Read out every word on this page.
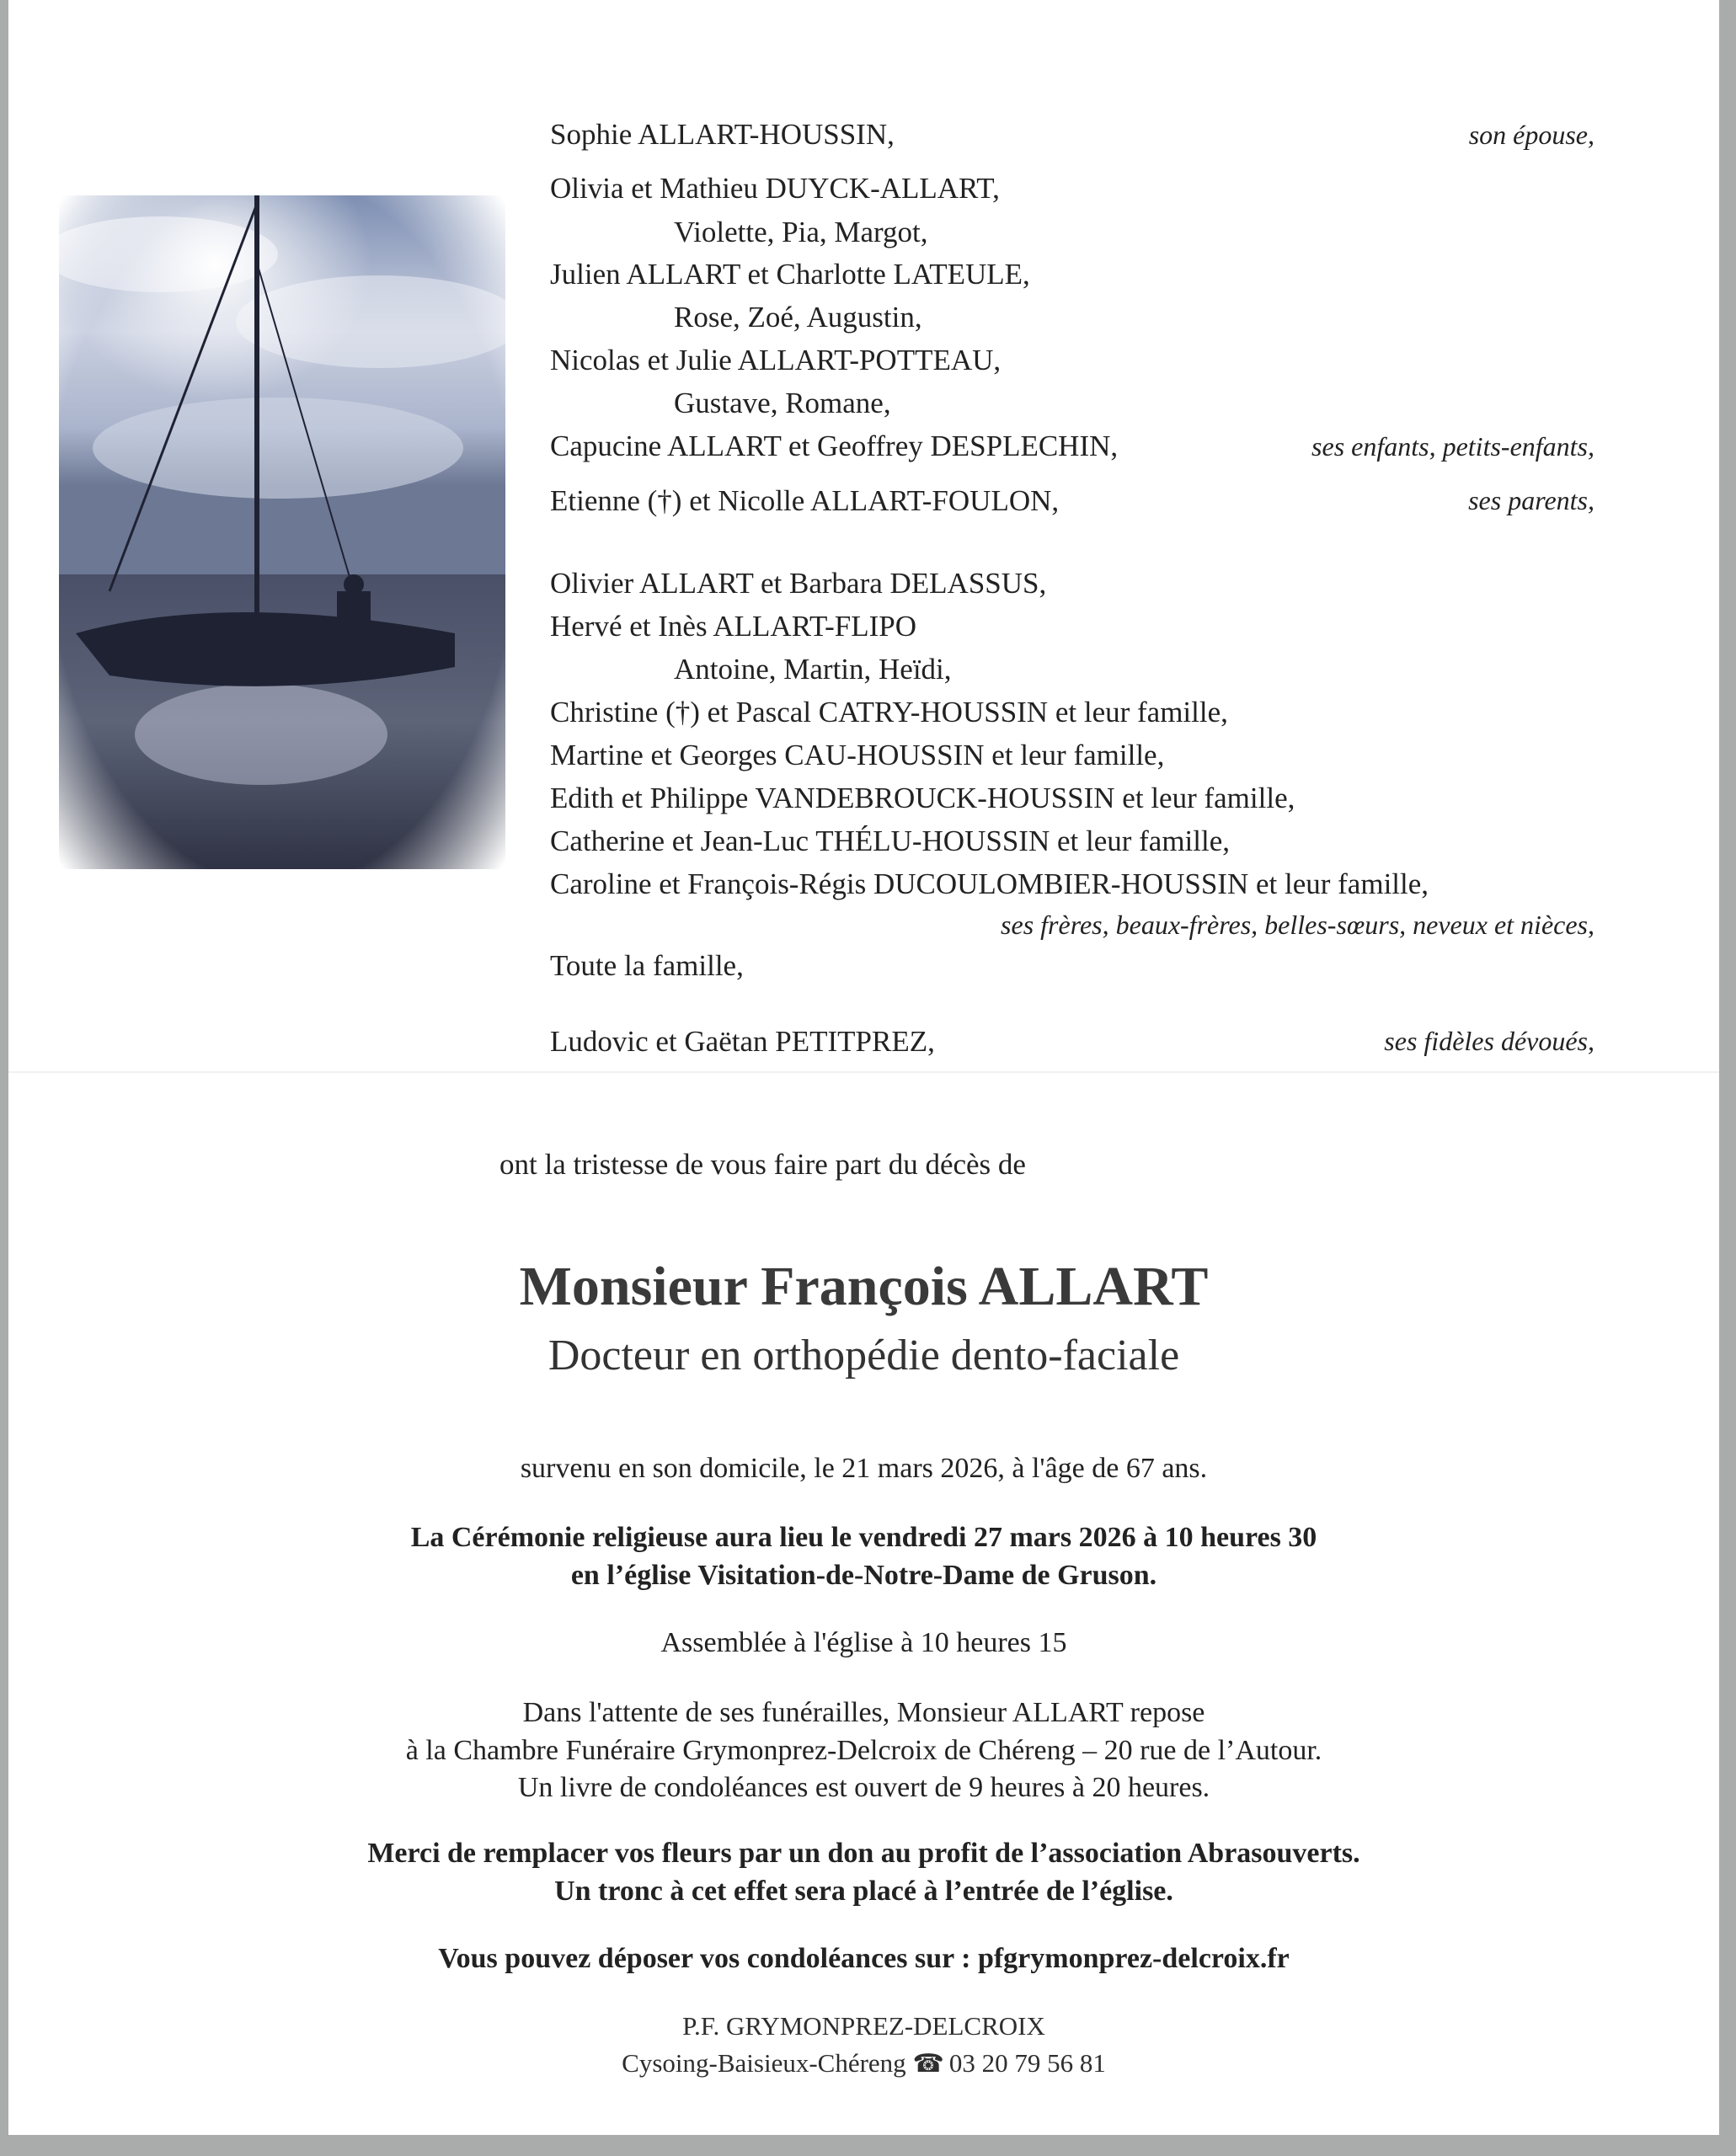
Sophie ALLART-HOUSSIN,	son épouse,
Olivia et Mathieu DUYCK-ALLART,
Violette, Pia, Margot,
Julien ALLART et Charlotte LATEULE,
Rose, Zoé, Augustin,
Nicolas et Julie ALLART-POTTEAU,
Gustave, Romane,
Capucine ALLART et Geoffrey DESPLECHIN,	ses enfants, petits-enfants,
Etienne (†) et Nicolle ALLART-FOULON,	ses parents,
Olivier ALLART et Barbara DELASSUS,
Hervé et Inès ALLART-FLIPO
Antoine, Martin, Heïdi,
Christine (†) et Pascal CATRY-HOUSSIN et leur famille,
Martine et Georges CAU-HOUSSIN et leur famille,
Edith et Philippe VANDEBROUCK-HOUSSIN et leur famille,
Catherine et Jean-Luc THÉLU-HOUSSIN et leur famille,
Caroline et François-Régis DUCOULOMBIER-HOUSSIN et leur famille,
ses frères, beaux-frères, belles-sœurs, neveux et nièces,
Toute la famille,
Ludovic et Gaëtan PETITPREZ,	ses fidèles dévoués,
ont la tristesse de vous faire part du décès de
Monsieur François ALLART
Docteur en orthopédie dento-faciale
survenu en son domicile, le 21 mars 2026, à l'âge de 67 ans.
La Cérémonie religieuse aura lieu le vendredi 27 mars 2026 à 10 heures 30
en l’église Visitation-de-Notre-Dame de Gruson.
Assemblée à l'église à 10 heures 15
Dans l'attente de ses funérailles, Monsieur ALLART repose
à la Chambre Funéraire Grymonprez-Delcroix de Chéreng – 20 rue de l’Autour.
Un livre de condoléances est ouvert de 9 heures à 20 heures.
Merci de remplacer vos fleurs par un don au profit de l’association Abrasouverts.
Un tronc à cet effet sera placé à l’entrée de l’église.
Vous pouvez déposer vos condoléances sur : pfgrymonprez-delcroix.fr
P.F. GRYMONPREZ-DELCROIX
Cysoing-Baisieux-Chéreng ☎ 03 20 79 56 81
